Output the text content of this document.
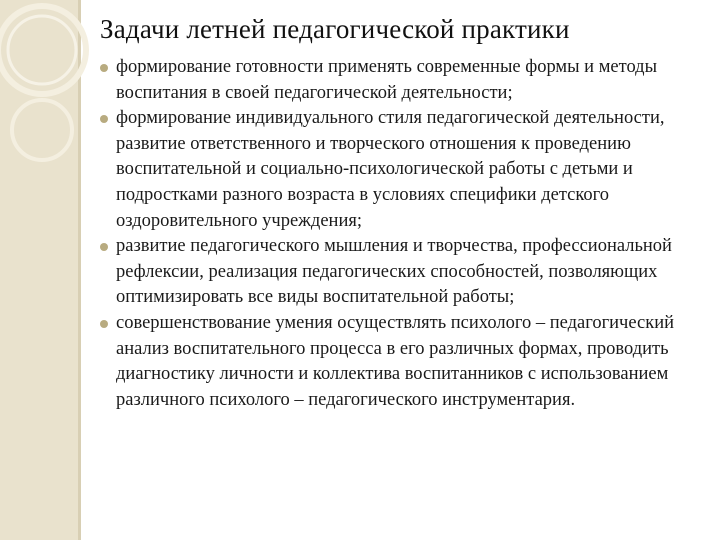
Задачи летней педагогической практики
формирование готовности применять современные формы и методы воспитания в своей педагогической деятельности;
формирование индивидуального стиля педагогической деятельности, развитие ответственного и творческого отношения к проведению воспитательной и социально-психологической работы с детьми и подростками разного возраста в условиях специфики детского оздоровительного учреждения;
развитие педагогического мышления и творчества, профессиональной рефлексии, реализация педагогических способностей, позволяющих оптимизировать все виды воспитательной работы;
совершенствование умения осуществлять психолого – педагогический анализ воспитательного процесса в его различных формах, проводить диагностику личности и коллектива воспитанников с использованием различного психолого – педагогического инструментария.
